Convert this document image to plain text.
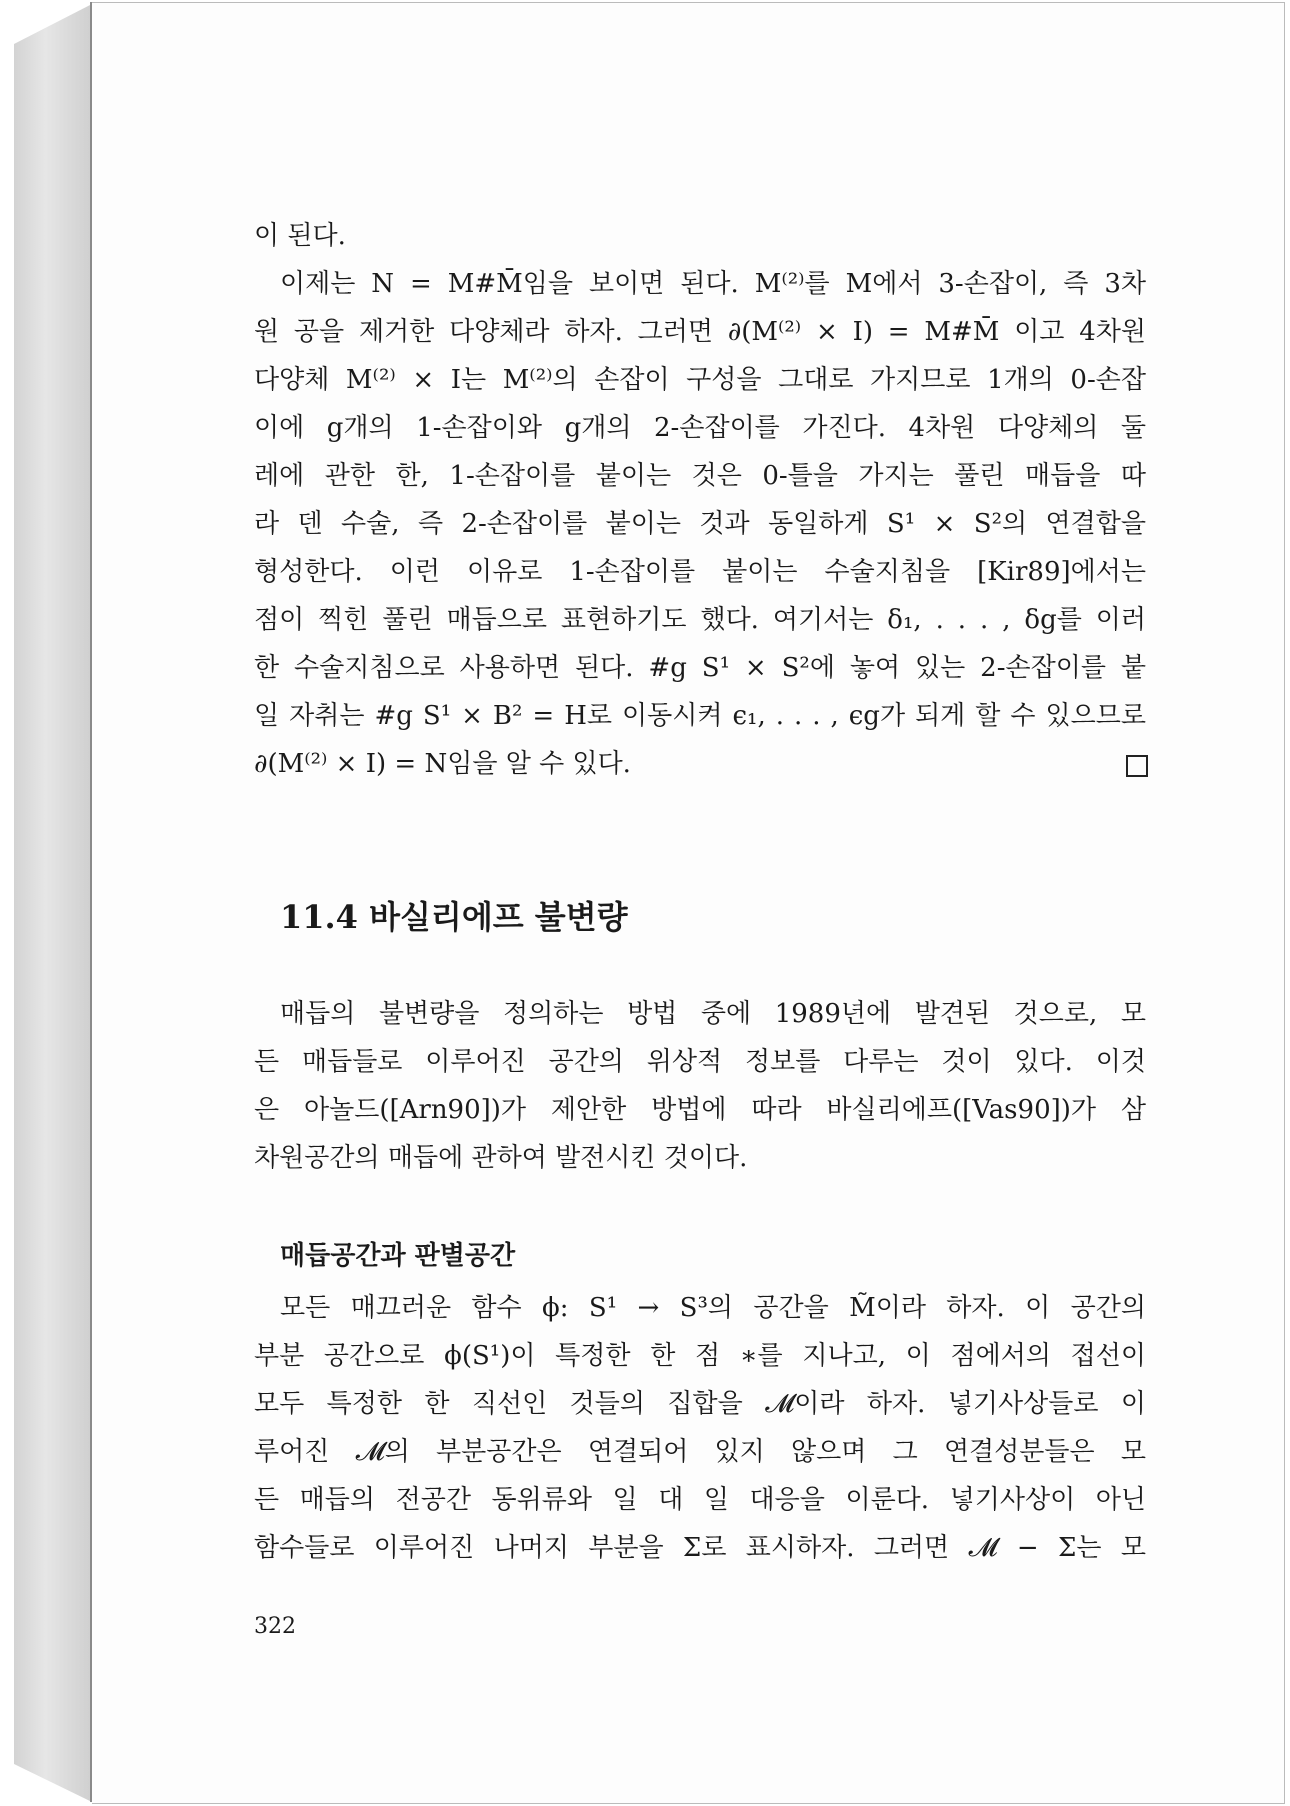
이 된다.

이제는 N = M#M̄임을 보이면 된다. M⁽²⁾를 M에서 3-손잡이, 즉 3차

원 공을 제거한 다양체라 하자. 그러면 ∂(M⁽²⁾ × I) = M#M̄ 이고 4차원

다양체 M⁽²⁾ × I는 M⁽²⁾의 손잡이 구성을 그대로 가지므로 1개의 0-손잡

이에 g개의 1-손잡이와 g개의 2-손잡이를 가진다. 4차원 다양체의 둘

레에 관한 한, 1-손잡이를 붙이는 것은 0-틀을 가지는 풀린 매듭을 따

라 덴 수술, 즉 2-손잡이를 붙이는 것과 동일하게 S¹ × S²의 연결합을

형성한다. 이런 이유로 1-손잡이를 붙이는 수술지침을 [Kir89]에서는

점이 찍힌 풀린 매듭으로 표현하기도 했다. 여기서는 δ₁, . . . , δg를 이러

한 수술지침으로 사용하면 된다. #g S¹ × S²에 놓여 있는 2-손잡이를 붙

일 자취는 #g S¹ × B² = H로 이동시켜 ϵ₁, . . . , ϵg가 되게 할 수 있으므로

∂(M⁽²⁾ × I) = N임을 알 수 있다.

11.4 바실리에프 불변량

매듭의 불변량을 정의하는 방법 중에 1989년에 발견된 것으로, 모

든 매듭들로 이루어진 공간의 위상적 정보를 다루는 것이 있다. 이것

은 아놀드([Arn90])가 제안한 방법에 따라 바실리에프([Vas90])가 삼

차원공간의 매듭에 관하여 발전시킨 것이다.

매듭공간과 판별공간

모든 매끄러운 함수 ϕ: S¹ → S³의 공간을 M̃이라 하자. 이 공간의

부분 공간으로 ϕ(S¹)이 특정한 한 점 ∗를 지나고, 이 점에서의 접선이

모두 특정한 한 직선인 것들의 집합을 𝓜이라 하자. 넣기사상들로 이

루어진 𝓜의 부분공간은 연결되어 있지 않으며 그 연결성분들은 모

든 매듭의 전공간 동위류와 일 대 일 대응을 이룬다. 넣기사상이 아닌

함수들로 이루어진 나머지 부분을 Σ로 표시하자. 그러면 𝓜 − Σ는 모

322
